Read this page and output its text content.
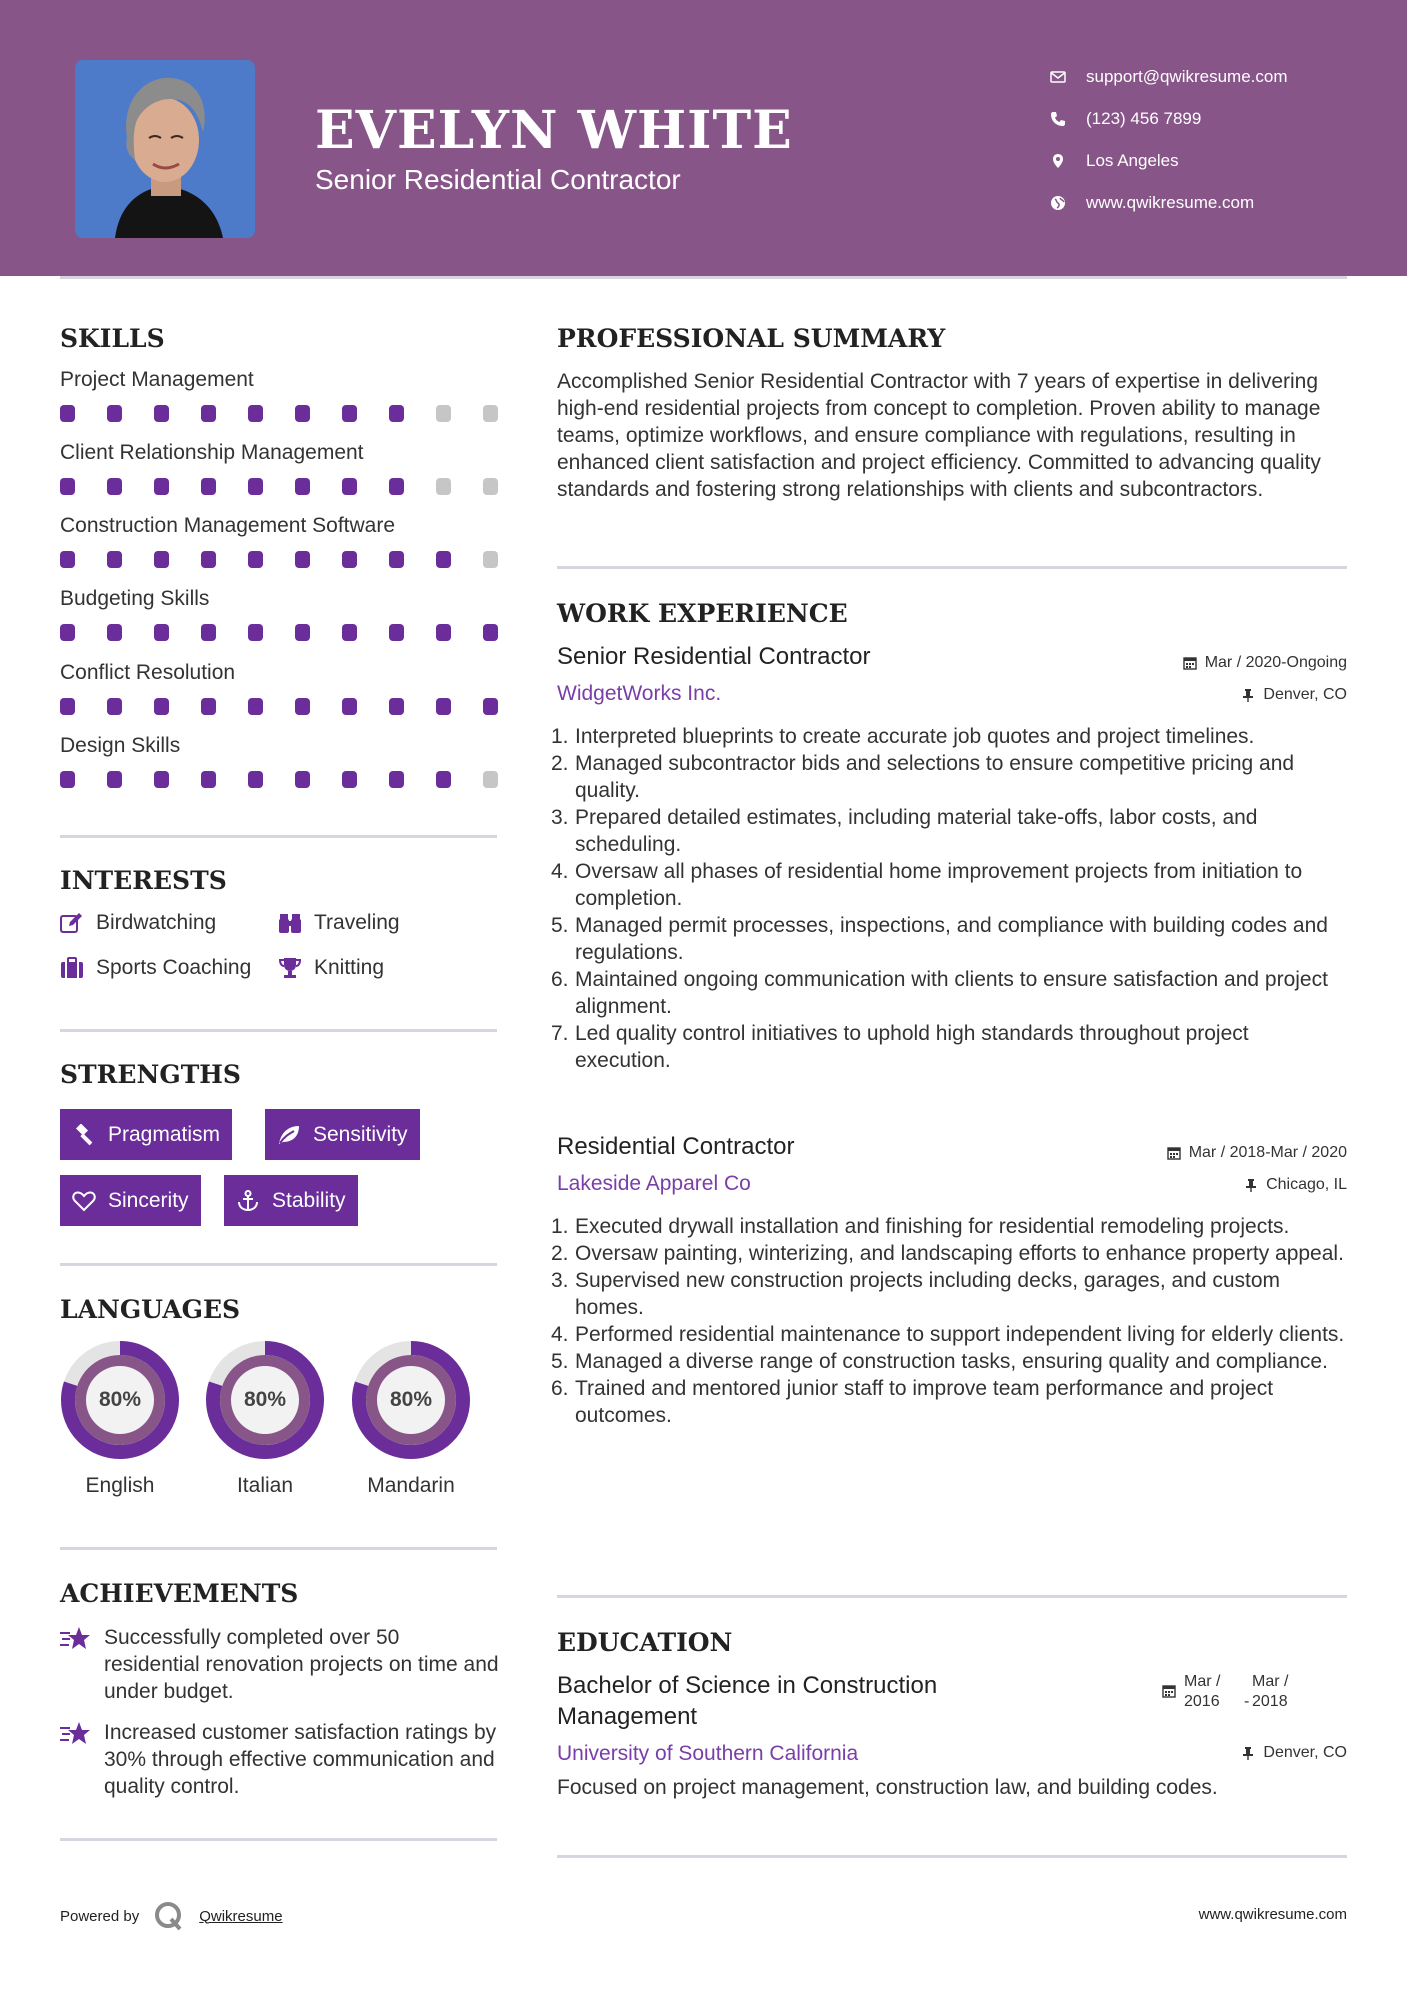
EVELYN WHITE
Senior Residential Contractor
support@qwikresume.com
(123) 456 7899
Los Angeles
www.qwikresume.com
SKILLS
Project Management
Client Relationship Management
Construction Management Software
Budgeting Skills
Conflict Resolution
Design Skills
INTERESTS
Birdwatching	Traveling
Sports Coaching	Knitting
STRENGTHS
Pragmatism	Sensitivity
Sincerity	Stability
LANGUAGES
80%
English
80%
Italian
80%
Mandarin
ACHIEVEMENTS
Successfully completed over 50 residential renovation projects on time and under budget.
Increased customer satisfaction ratings by 30% through effective communication and quality control.
PROFESSIONAL SUMMARY
Accomplished Senior Residential Contractor with 7 years of expertise in delivering high-end residential projects from concept to completion. Proven ability to manage teams, optimize workflows, and ensure compliance with regulations, resulting in enhanced client satisfaction and project efficiency. Committed to advancing quality standards and fostering strong relationships with clients and subcontractors.
WORK EXPERIENCE
Senior Residential Contractor	Mar / 2020-Ongoing
WidgetWorks Inc.	Denver, CO
1. Interpreted blueprints to create accurate job quotes and project timelines.
2. Managed subcontractor bids and selections to ensure competitive pricing and quality.
3. Prepared detailed estimates, including material take-offs, labor costs, and scheduling.
4. Oversaw all phases of residential home improvement projects from initiation to completion.
5. Managed permit processes, inspections, and compliance with building codes and regulations.
6. Maintained ongoing communication with clients to ensure satisfaction and project alignment.
7. Led quality control initiatives to uphold high standards throughout project execution.
Residential Contractor	Mar / 2018-Mar / 2020
Lakeside Apparel Co	Chicago, IL
1. Executed drywall installation and finishing for residential remodeling projects.
2. Oversaw painting, winterizing, and landscaping efforts to enhance property appeal.
3. Supervised new construction projects including decks, garages, and custom homes.
4. Performed residential maintenance to support independent living for elderly clients.
5. Managed a diverse range of construction tasks, ensuring quality and compliance.
6. Trained and mentored junior staff to improve team performance and project outcomes.
EDUCATION
Bachelor of Science in Construction Management
Mar /
2016	-
Mar /
2018
University of Southern California	Denver, CO
Focused on project management, construction law, and building codes.
Powered by	Qwikresume	www.qwikresume.com
